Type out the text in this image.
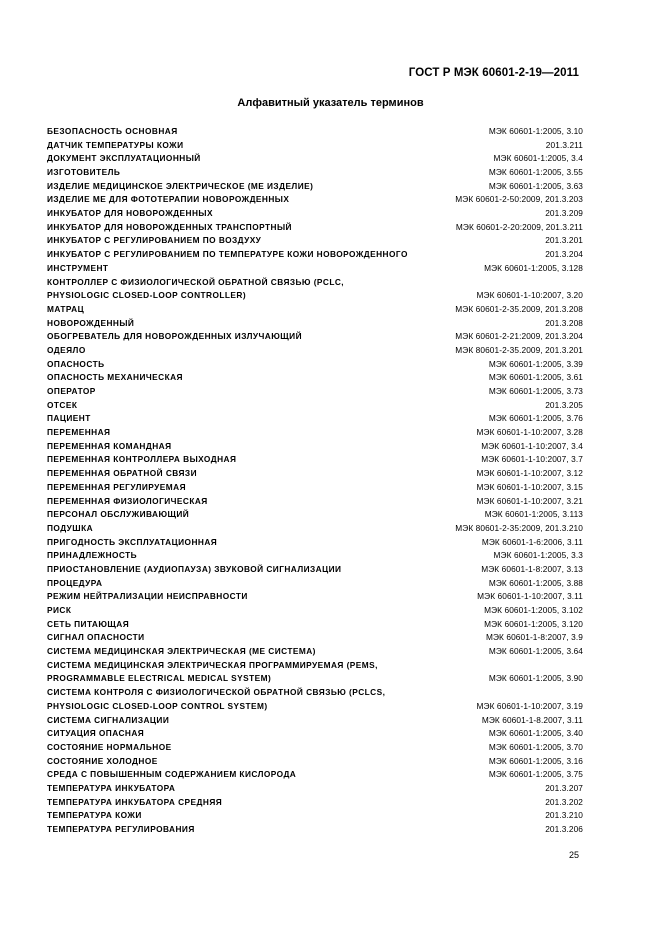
ГОСТ Р МЭК 60601-2-19—2011
Алфавитный указатель терминов
БЕЗОПАСНОСТЬ ОСНОВНАЯ	МЭК 60601-1:2005, 3.10
ДАТЧИК ТЕМПЕРАТУРЫ КОЖИ	201.3.211
ДОКУМЕНТ ЭКСПЛУАТАЦИОННЫЙ	МЭК 60601-1:2005, 3.4
ИЗГОТОВИТЕЛЬ	МЭК 60601-1:2005, 3.55
ИЗДЕЛИЕ МЕДИЦИНСКОЕ ЭЛЕКТРИЧЕСКОЕ (МЕ ИЗДЕЛИЕ)	МЭК 60601-1:2005, 3.63
ИЗДЕЛИЕ МЕ ДЛЯ ФОТОТЕРАПИИ НОВОРОЖДЕННЫХ	МЭК 60601-2-50:2009, 201.3.203
ИНКУБАТОР ДЛЯ НОВОРОЖДЕННЫХ	201.3.209
ИНКУБАТОР ДЛЯ НОВОРОЖДЕННЫХ ТРАНСПОРТНЫЙ	МЭК 60601-2-20:2009, 201.3.211
ИНКУБАТОР С РЕГУЛИРОВАНИЕМ ПО ВОЗДУХУ	201.3.201
ИНКУБАТОР С РЕГУЛИРОВАНИЕМ ПО ТЕМПЕРАТУРЕ КОЖИ НОВОРОЖДЕННОГО	201.3.204
ИНСТРУМЕНТ	МЭК 60601-1:2005, 3.128
КОНТРОЛЛЕР С ФИЗИОЛОГИЧЕСКОЙ ОБРАТНОЙ СВЯЗЬЮ (PCLC,
PHYSIOLOGIC CLOSED-LOOP CONTROLLER)	МЭК 60601-1-10:2007, 3.20
МАТРАЦ	МЭК 60601-2-35.2009, 201.3.208
НОВОРОЖДЕННЫЙ	201.3.208
ОБОГРЕВАТЕЛЬ ДЛЯ НОВОРОЖДЕННЫХ ИЗЛУЧАЮЩИЙ	МЭК 60601-2-21:2009, 201.3.204
ОДЕЯЛО	МЭК 80601-2-35.2009, 201.3.201
ОПАСНОСТЬ	МЭК 60601-1:2005, 3.39
ОПАСНОСТЬ МЕХАНИЧЕСКАЯ	МЭК 60601-1:2005, 3.61
ОПЕРАТОР	МЭК 60601-1:2005, 3.73
ОТСЕК	201.3.205
ПАЦИЕНТ	МЭК 60601-1:2005, 3.76
ПЕРЕМЕННАЯ	МЭК 60601-1-10:2007, 3.28
ПЕРЕМЕННАЯ КОМАНДНАЯ	МЭК 60601-1-10:2007, 3.4
ПЕРЕМЕННАЯ КОНТРОЛЛЕРА ВЫХОДНАЯ	МЭК 60601-1-10:2007, 3.7
ПЕРЕМЕННАЯ ОБРАТНОЙ СВЯЗИ	МЭК 60601-1-10:2007, 3.12
ПЕРЕМЕННАЯ РЕГУЛИРУЕМАЯ	МЭК 60601-1-10:2007, 3.15
ПЕРЕМЕННАЯ ФИЗИОЛОГИЧЕСКАЯ	МЭК 60601-1-10:2007, 3.21
ПЕРСОНАЛ ОБСЛУЖИВАЮЩИЙ	МЭК 60601-1:2005, 3.113
ПОДУШКА	МЭК 80601-2-35:2009, 201.3.210
ПРИГОДНОСТЬ ЭКСПЛУАТАЦИОННАЯ	МЭК 60601-1-6:2006, 3.11
ПРИНАДЛЕЖНОСТЬ	МЭК 60601-1:2005, 3.3
ПРИОСТАНОВЛЕНИЕ (АУДИОПАУЗА) ЗВУКОВОЙ СИГНАЛИЗАЦИИ	МЭК 60601-1-8:2007, 3.13
ПРОЦЕДУРА	МЭК 60601-1:2005, 3.88
РЕЖИМ НЕЙТРАЛИЗАЦИИ НЕИСПРАВНОСТИ	МЭК 60601-1-10:2007, 3.11
РИСК	МЭК 60601-1:2005, 3.102
СЕТЬ ПИТАЮЩАЯ	МЭК 60601-1:2005, 3.120
СИГНАЛ ОПАСНОСТИ	МЭК 60601-1-8:2007, 3.9
СИСТЕМА МЕДИЦИНСКАЯ ЭЛЕКТРИЧЕСКАЯ (МЕ СИСТЕМА)	МЭК 60601-1:2005, 3.64
СИСТЕМА МЕДИЦИНСКАЯ ЭЛЕКТРИЧЕСКАЯ ПРОГРАММИРУЕМАЯ (PEMS,
PROGRAMMABLE ELECTRICAL MEDICAL SYSTEM)	МЭК 60601-1:2005, 3.90
СИСТЕМА КОНТРОЛЯ С ФИЗИОЛОГИЧЕСКОЙ ОБРАТНОЙ СВЯЗЬЮ (PCLCS,
PHYSIOLOGIC CLOSED-LOOP CONTROL SYSTEM)	МЭК 60601-1-10:2007, 3.19
СИСТЕМА СИГНАЛИЗАЦИИ	МЭК 60601-1-8.2007, 3.11
СИТУАЦИЯ ОПАСНАЯ	МЭК 60601-1:2005, 3.40
СОСТОЯНИЕ НОРМАЛЬНОЕ	МЭК 60601-1:2005, 3.70
СОСТОЯНИЕ ХОЛОДНОЕ	МЭК 60601-1:2005, 3.16
СРЕДА С ПОВЫШЕННЫМ СОДЕРЖАНИЕМ КИСЛОРОДА	МЭК 60601-1:2005, 3.75
ТЕМПЕРАТУРА ИНКУБАТОРА	201.3.207
ТЕМПЕРАТУРА ИНКУБАТОРА СРЕДНЯЯ	201.3.202
ТЕМПЕРАТУРА КОЖИ	201.3.210
ТЕМПЕРАТУРА РЕГУЛИРОВАНИЯ	201.3.206
25
